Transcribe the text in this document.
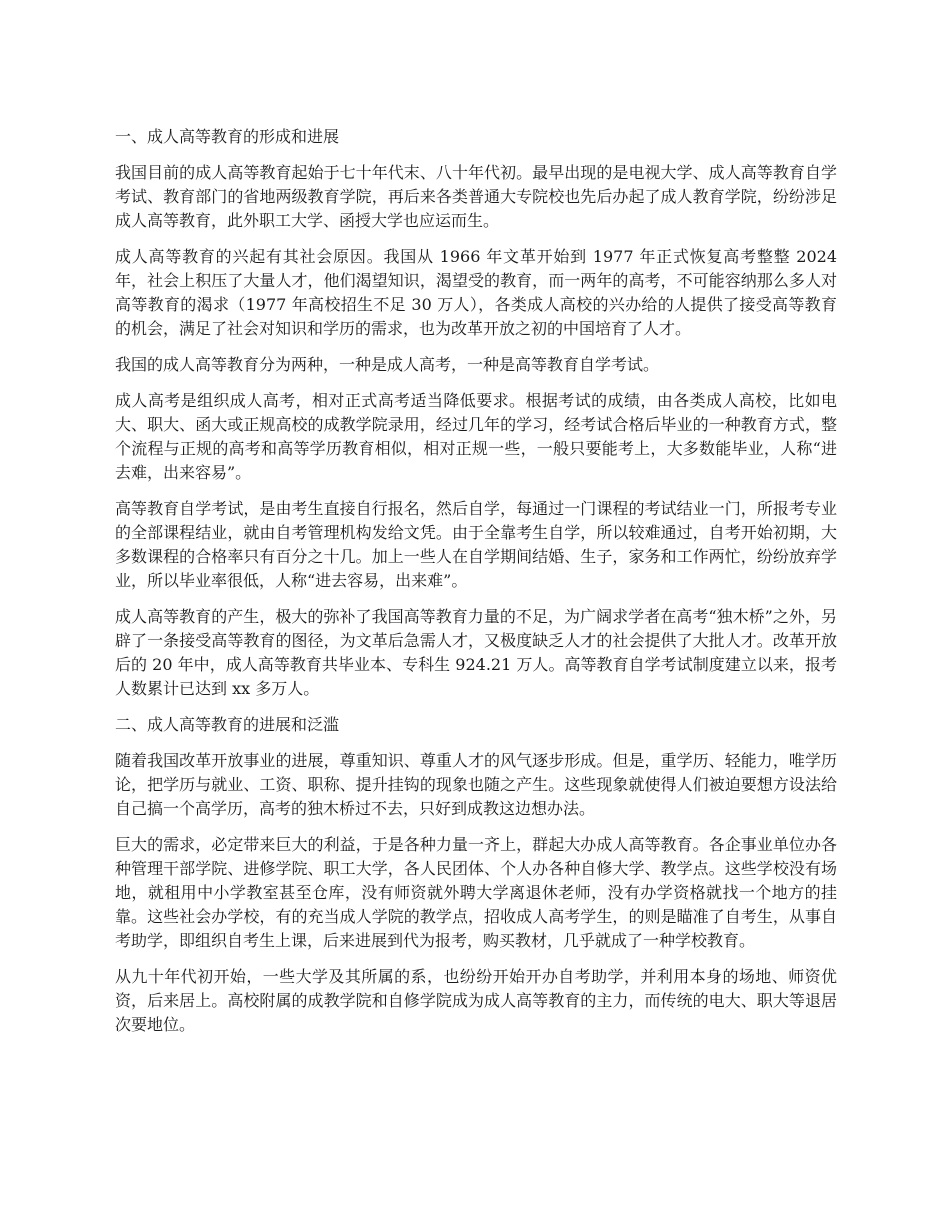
一、成人高等教育的形成和进展

我国目前的成人高等教育起始于七十年代末、八十年代初。最早出现的是电视大学、成人高等教育自学考试、教育部门的省地两级教育学院，再后来各类普通大专院校也先后办起了成人教育学院，纷纷涉足成人高等教育，此外职工大学、函授大学也应运而生。

成人高等教育的兴起有其社会原因。我国从 1966 年文革开始到 1977 年正式恢复高考整整 2024 年，社会上积压了大量人才，他们渴望知识，渴望受的教育，而一两年的高考，不可能容纳那么多人对高等教育的渴求（1977 年高校招生不足 30 万人），各类成人高校的兴办给的人提供了接受高等教育的机会，满足了社会对知识和学历的需求，也为改革开放之初的中国培育了人才。

我国的成人高等教育分为两种，一种是成人高考，一种是高等教育自学考试。

成人高考是组织成人高考，相对正式高考适当降低要求。根据考试的成绩，由各类成人高校，比如电大、职大、函大或正规高校的成教学院录用，经过几年的学习，经考试合格后毕业的一种教育方式，整个流程与正规的高考和高等学历教育相似，相对正规一些，一般只要能考上，大多数能毕业，人称“进去难，出来容易”。

高等教育自学考试，是由考生直接自行报名，然后自学，每通过一门课程的考试结业一门，所报考专业的全部课程结业，就由自考管理机构发给文凭。由于全靠考生自学，所以较难通过，自考开始初期，大多数课程的合格率只有百分之十几。加上一些人在自学期间结婚、生子，家务和工作两忙，纷纷放弃学业，所以毕业率很低，人称“进去容易，出来难”。

成人高等教育的产生，极大的弥补了我国高等教育力量的不足，为广阔求学者在高考“独木桥”之外，另辟了一条接受高等教育的图径，为文革后急需人才，又极度缺乏人才的社会提供了大批人才。改革开放后的 20 年中，成人高等教育共毕业本、专科生 924.21 万人。高等教育自学考试制度建立以来，报考人数累计已达到 xx 多万人。

二、成人高等教育的进展和泛滥

随着我国改革开放事业的进展，尊重知识、尊重人才的风气逐步形成。但是，重学历、轻能力，唯学历论，把学历与就业、工资、职称、提升挂钩的现象也随之产生。这些现象就使得人们被迫要想方设法给自己搞一个高学历，高考的独木桥过不去，只好到成教这边想办法。

巨大的需求，必定带来巨大的利益，于是各种力量一齐上，群起大办成人高等教育。各企事业单位办各种管理干部学院、进修学院、职工大学，各人民团体、个人办各种自修大学、教学点。这些学校没有场地，就租用中小学教室甚至仓库，没有师资就外聘大学离退休老师，没有办学资格就找一个地方的挂靠。这些社会办学校，有的充当成人学院的教学点，招收成人高考学生，的则是瞄准了自考生，从事自考助学，即组织自考生上课，后来进展到代为报考，购买教材，几乎就成了一种学校教育。

从九十年代初开始，一些大学及其所属的系，也纷纷开始开办自考助学，并利用本身的场地、师资优资，后来居上。高校附属的成教学院和自修学院成为成人高等教育的主力，而传统的电大、职大等退居次要地位。
